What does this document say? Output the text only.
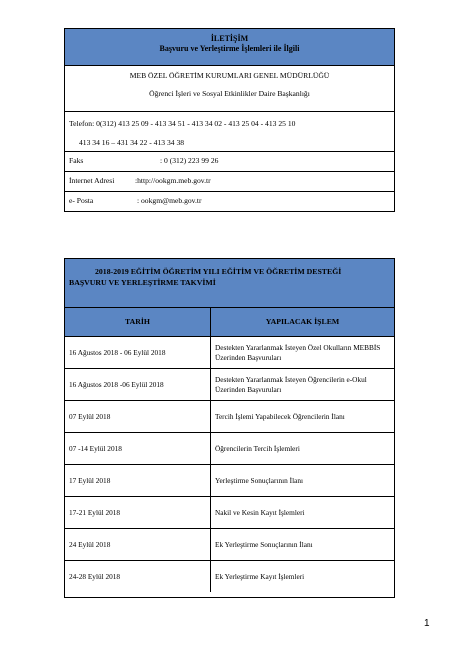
İLETİŞİM
Başvuru ve Yerleştirme İşlemleri ile İlgili
MEB ÖZEL ÖĞRETİM KURUMLARI GENEL MÜDÜRLÜĞÜ
Öğrenci İşleri ve Sosyal Etkinlikler Daire Başkanlığı
Telefon: 0(312) 413 25 09 - 413 34 51 - 413 34 02 - 413 25 04 - 413 25 10
413 34 16 – 431 34 22 - 413 34 38
Faks	: 0 (312) 223 99 26
İnternet Adresi	:http://ookgm.meb.gov.tr
e- Posta	: ookgm@meb.gov.tr
2018-2019 EĞİTİM ÖĞRETİM YILI EĞİTİM VE ÖĞRETİM DESTEĞİ
BAŞVURU VE YERLEŞTİRME TAKVİMİ
TARİH	YAPILACAK İŞLEM
16 Ağustos 2018 - 06 Eylül 2018	Destekten Yararlanmak İsteyen Özel Okulların MEBBİS Üzerinden Başvuruları
16 Ağustos 2018 -06 Eylül 2018	Destekten Yararlanmak İsteyen Öğrencilerin e-Okul Üzerinden Başvuruları
07 Eylül 2018	Tercih İşlemi Yapabilecek Öğrencilerin İlanı
07 -14 Eylül 2018	Öğrencilerin Tercih İşlemleri
17 Eylül 2018	Yerleştirme Sonuçlarının İlanı
17-21 Eylül 2018	Nakil ve Kesin Kayıt İşlemleri
24 Eylül 2018	Ek Yerleştirme Sonuçlarının İlanı
24-28 Eylül 2018	Ek Yerleştirme Kayıt İşlemleri
1
